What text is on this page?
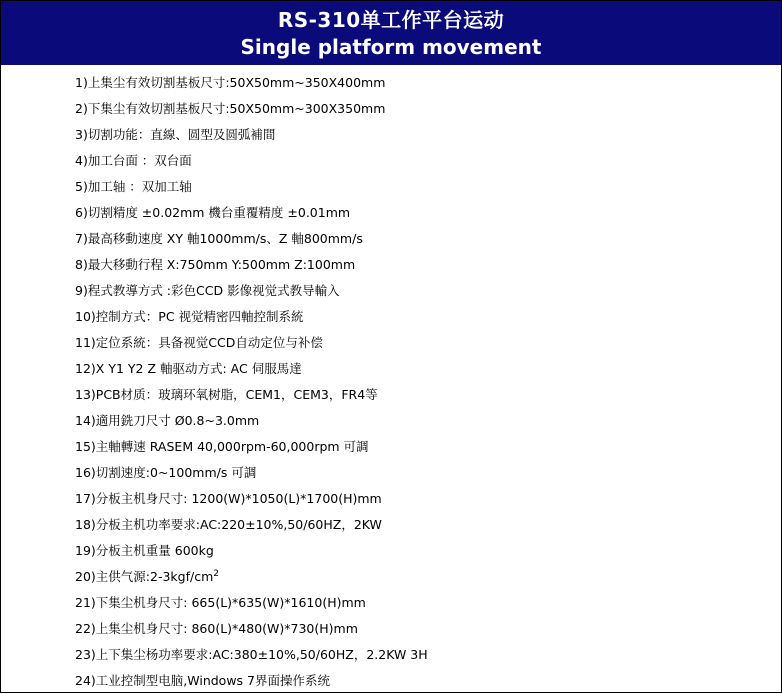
RS-310单工作平台运动
Single platform movement
1)上集尘有效切割基板尺寸:50X50mm~350X400mm
2)下集尘有效切割基板尺寸:50X50mm~300X350mm
3)切割功能：直線、圆型及圆弧補間
4)加工台面 ：双台面
5)加工轴 ：双加工轴
6)切割精度 ±0.02mm 機台重覆精度 ±0.01mm
7)最高移動速度 XY 軸1000mm/s、Z 軸800mm/s
8)最大移動行程 X:750mm Y:500mm Z:100mm
9)程式教導方式 :彩色CCD 影像视觉式教导輸入
10)控制方式：PC 视觉精密四軸控制系統
11)定位系統：具备视觉CCD自动定位与补偿
12)X Y1 Y2 Z 軸驱动方式: AC 伺服馬達
13)PCB材质：玻璃环氧树脂，CEM1，CEM3，FR4等
14)適用銑刀尺寸 Ø0.8~3.0mm
15)主軸轉速 RASEM 40,000rpm-60,000rpm 可調
16)切割速度:0~100mm/s 可調
17)分板主机身尺寸: 1200(W)*1050(L)*1700(H)mm
18)分板主机功率要求:AC:220±10%,50/60HZ，2KW
19)分板主机重量 600kg
20)主供气源$:2-3kgf/cm^2$
21)下集尘机身尺寸: 665(L)*635(W)*1610(H)mm
22)上集尘机身尺寸: 860(L)*480(W)*730(H)mm
23)上下集尘杨功率要求:AC:380±10%,50/60HZ，2.2KW 3H
24)工业控制型电脑,Windows 7界面操作系统
